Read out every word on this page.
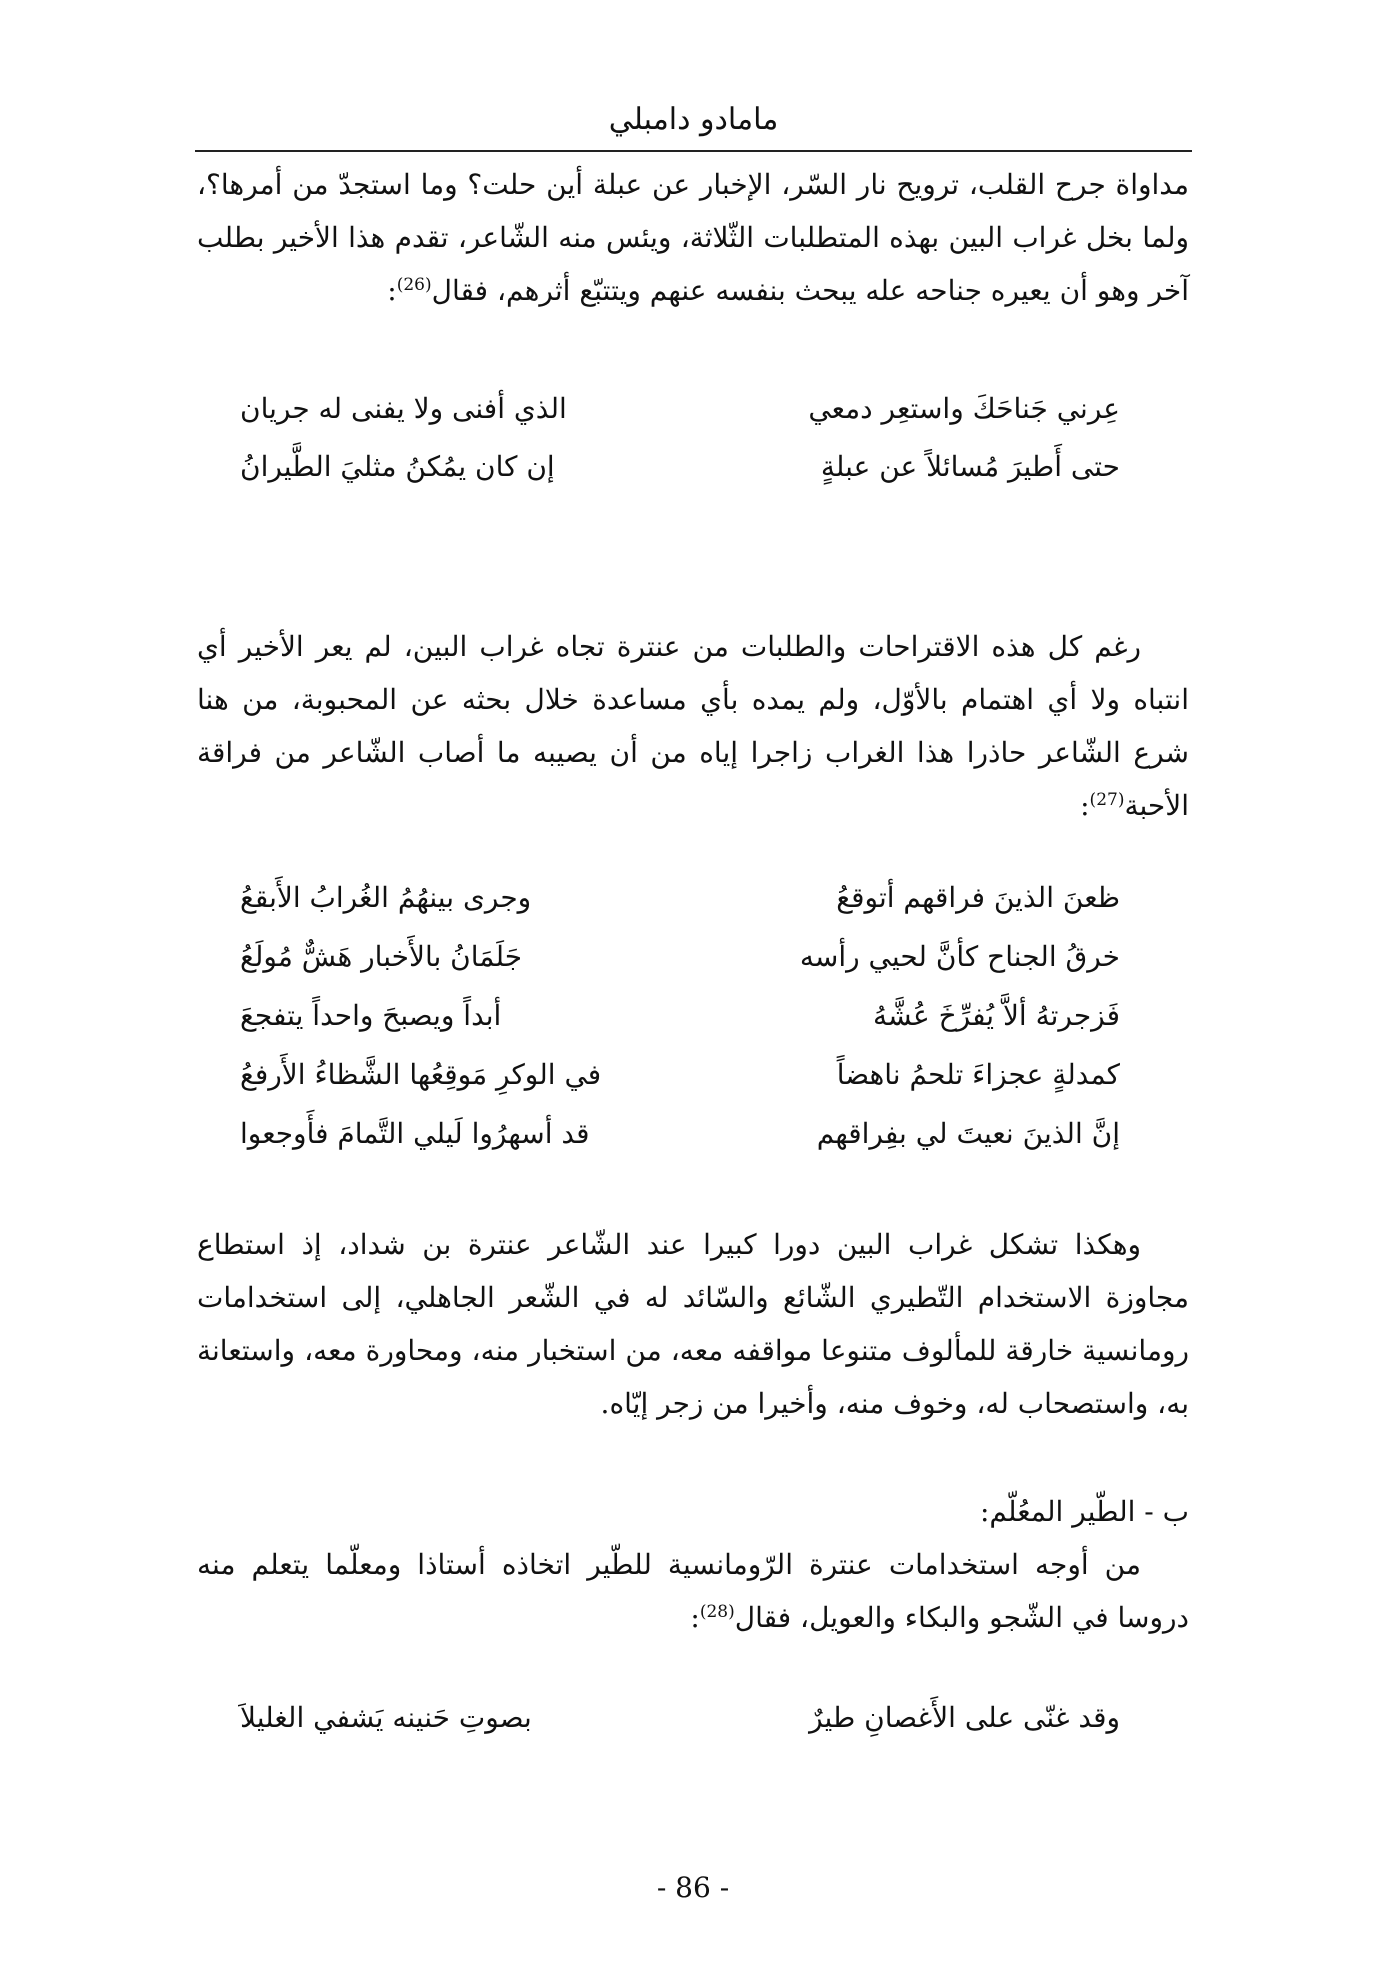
مامادو دامبلي

مداواة جرح القلب، ترويح نار السّر، الإخبار عن عبلة أين حلت؟ وما استجدّ من أمرها؟، ولما بخل غراب البين بهذه المتطلبات الثّلاثة، ويئس منه الشّاعر، تقدم هذا الأخير بطلب آخر وهو أن يعيره جناحه عله يبحث بنفسه عنهم ويتتبّع أثرهم، فقال$^{(26)}$:

عِرني جَناحَكَ واستعِر دمعي
الذي أفنى ولا يفنى له جريان
حتى أَطيرَ مُسائلاً عن عبلةٍ
إن كان يمُكنُ مثليَ الطَّيرانُ

رغم كل هذه الاقتراحات والطلبات من عنترة تجاه غراب البين، لم يعر الأخير أي انتباه ولا أي اهتمام بالأوّل، ولم يمده بأي مساعدة خلال بحثه عن المحبوبة، من هنا شرع الشّاعر حاذرا هذا الغراب زاجرا إياه من أن يصيبه ما أصاب الشّاعر من فراقة الأحبة$^{(27)}$:

ظعنَ الذينَ فراقهم أتوقعُ
وجرى بينهُمُ الغُرابُ الأَبقعُ
خرقُ الجناح كأنَّ لحيي رأسه
جَلَمَانُ بالأَخبار هَشٌّ مُولَعُ
فَزجرتهُ ألاَّ يُفرِّخَ عُشَّهُ
أبداً ويصبحَ واحداً يتفجعَ
كمدلةٍ عجزاءَ تلحمُ ناهضاً
في الوكرِ مَوقِعُها الشَّظاءُ الأَرفعُ
إنَّ الذينَ نعيتَ لي بفِراقهم
قد أسهرُوا لَيلي التَّمامَ فأَوجعوا

وهكذا تشكل غراب البين دورا كبيرا عند الشّاعر عنترة بن شداد، إذ استطاع مجاوزة الاستخدام التّطيري الشّائع والسّائد له في الشّعر الجاهلي، إلى استخدامات رومانسية خارقة للمألوف متنوعا مواقفه معه، من استخبار منه، ومحاورة معه، واستعانة به، واستصحاب له، وخوف منه، وأخيرا من زجر إيّاه.

ب - الطّير المعُلّم:

من أوجه استخدامات عنترة الرّومانسية للطّير اتخاذه أستاذا ومعلّما يتعلم منه دروسا في الشّجو والبكاء والعويل، فقال$^{(28)}$:

وقد غنّى على الأَغصانِ طيرٌ
بصوتِ حَنينه يَشفي الغليلاَ
- 86 -
